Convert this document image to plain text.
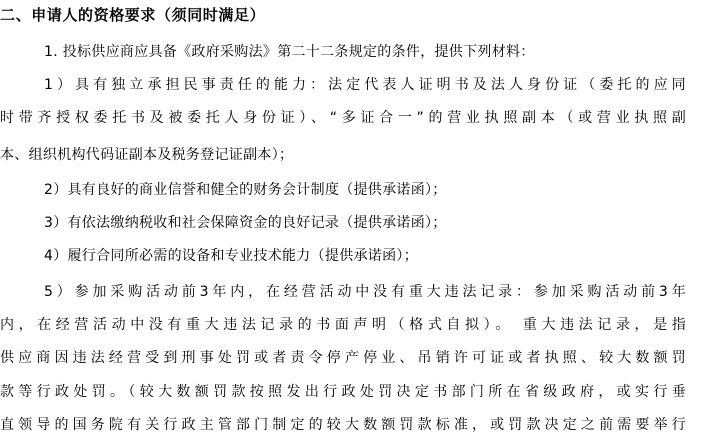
二、申请人的资格要求（须同时满足）
1. 投标供应商应具备《政府采购法》第二十二条规定的条件，提供下列材料：
1）具有独立承担民事责任的能力：法定代表人证明书及法人身份证（委托的应同
时带齐授权委托书及被委托人身份证）、“多证合一”的营业执照副本（或营业执照副
本、组织机构代码证副本及税务登记证副本）；
2）具有良好的商业信誉和健全的财务会计制度（提供承诺函）；
3）有依法缴纳税收和社会保障资金的良好记录（提供承诺函）；
4）履行合同所必需的设备和专业技术能力（提供承诺函）；
5）参加采购活动前3年内，在经营活动中没有重大违法记录：参加采购活动前3年
内，在经营活动中没有重大违法记录的书面声明（格式自拟）。 重大违法记录，是指
供应商因违法经营受到刑事处罚或者责令停产停业、吊销许可证或者执照、较大数额罚
款等行政处罚。（较大数额罚款按照发出行政处罚决定书部门所在省级政府，或实行垂
直领导的国务院有关行政主管部门制定的较大数额罚款标准，或罚款决定之前需要举行
